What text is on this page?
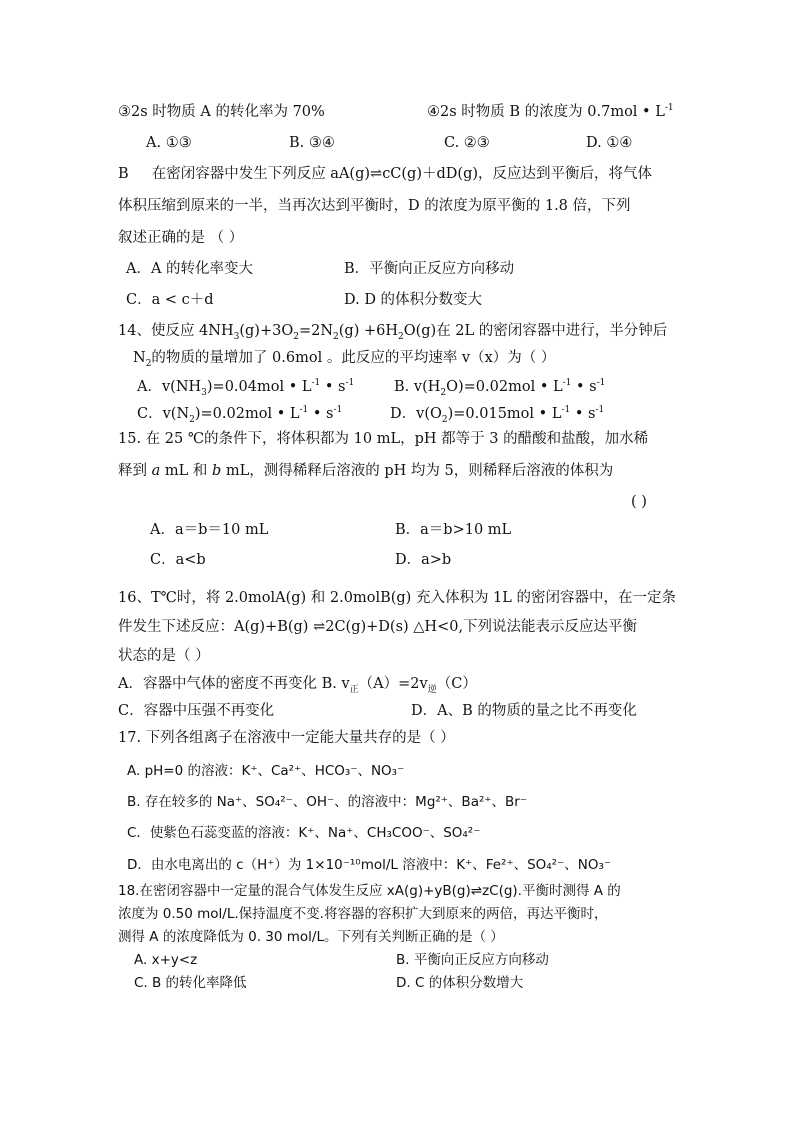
③2s 时物质 A 的转化率为 70%	④2s 时物质 B 的浓度为 0.7mol • $L^{-1}$
A. ①③	B. ③④	C. ②③	D. ①④
B 在密闭容器中发生下列反应 aA(g)⇌cC(g)＋dD(g)，反应达到平衡后，将气体
体积压缩到原来的一半，当再次达到平衡时，D 的浓度为原平衡的 1.8 倍，下列
叙述正确的是 （ ）
A．A 的转化率变大	B．平衡向正反应方向移动
C．a < c＋d	D. D 的体积分数变大
14、使反应 $4NH_3(g)+3O_2=2N_2(g) +6H_2O(g)$在 2L 的密闭容器中进行，半分钟后
$N_2$的物质的量增加了 0.6mol 。此反应的平均速率 v（x）为（ ）
A．$v(NH_3)=0.04mol$ • $L^{-1}$ • $s^{-1}$	B. $v(H_2O)=0.02mol$ • $L^{-1}$ • $s^{-1}$
C．$v(N_2)=0.02mol$ • $L^{-1}$ • $s^{-1}$	D．$v(O_2)=0.015mol$ • $L^{-1}$ • $s^{-1}$
15. 在 25 ℃的条件下，将体积都为 10 mL，pH 都等于 3 的醋酸和盐酸，加水稀
释到 a mL 和 b mL，测得稀释后溶液的 pH 均为 5，则稀释后溶液的体积为
( )
A．a＝b＝10 mL	B．a＝b>10 mL
C．a<b	D．a>b
16、T℃时，将 2.0molA(g) 和 2.0molB(g) 充入体积为 1L 的密闭容器中，在一定条
件发生下述反应：A(g)+B(g) ⇌2C(g)+D(s) △H<0,下列说法能表示反应达平衡
状态的是（ ）
A．容器中气体的密度不再变化 B. $v_正(A)=2v_逆(C)$
C．容器中压强不再变化	D．A、B 的物质的量之比不再变化
17. 下列各组离子在溶液中一定能大量共存的是（ ）
A. pH=0 的溶液：K⁺、Ca²⁺、HCO₃⁻、NO₃⁻
B. 存在较多的 Na⁺、SO₄²⁻、OH⁻、的溶液中：Mg²⁺、Ba²⁺、Br⁻
C．使紫色石蕊变蓝的溶液：K⁺、Na⁺、CH₃COO⁻、SO₄²⁻
D．由水电离出的 c（H⁺）为 1×10⁻¹⁰mol/L 溶液中：K⁺、Fe²⁺、SO₄²⁻、NO₃⁻
18.在密闭容器中一定量的混合气体发生反应 xA(g)+yB(g)⇌zC(g).平衡时测得 A 的
浓度为 0.50 mol/L.保持温度不变.将容器的容积扩大到原来的两倍，再达平衡时，
测得 A 的浓度降低为 0. 30 mol/L。下列有关判断正确的是（ ）
A. x+y<z	B. 平衡向正反应方向移动
C. B 的转化率降低	D. C 的体积分数增大
